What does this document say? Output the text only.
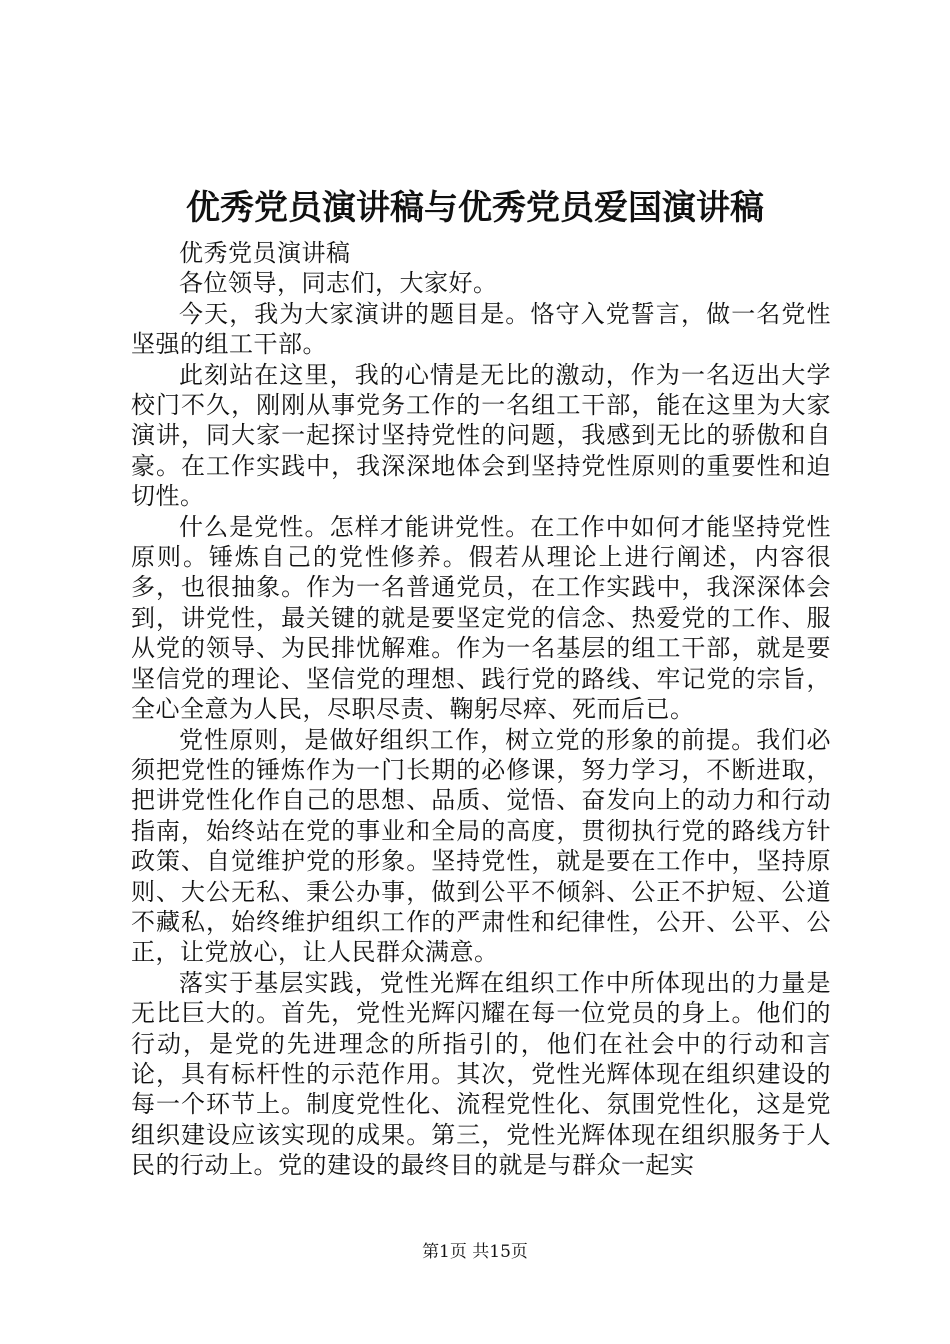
优秀党员演讲稿与优秀党员爱国演讲稿

优秀党员演讲稿

各位领导，同志们，大家好。

今天，我为大家演讲的题目是。恪守入党誓言，做一名党性坚强的组工干部。

此刻站在这里，我的心情是无比的激动，作为一名迈出大学校门不久，刚刚从事党务工作的一名组工干部，能在这里为大家演讲，同大家一起探讨坚持党性的问题，我感到无比的骄傲和自豪。在工作实践中，我深深地体会到坚持党性原则的重要性和迫切性。

什么是党性。怎样才能讲党性。在工作中如何才能坚持党性原则。锤炼自己的党性修养。假若从理论上进行阐述，内容很多，也很抽象。作为一名普通党员，在工作实践中，我深深体会到，讲党性，最关键的就是要坚定党的信念、热爱党的工作、服从党的领导、为民排忧解难。作为一名基层的组工干部，就是要坚信党的理论、坚信党的理想、践行党的路线、牢记党的宗旨，全心全意为人民，尽职尽责、鞠躬尽瘁、死而后已。

党性原则，是做好组织工作，树立党的形象的前提。我们必须把党性的锤炼作为一门长期的必修课，努力学习，不断进取，把讲党性化作自己的思想、品质、觉悟、奋发向上的动力和行动指南，始终站在党的事业和全局的高度，贯彻执行党的路线方针政策、自觉维护党的形象。坚持党性，就是要在工作中，坚持原则、大公无私、秉公办事，做到公平不倾斜、公正不护短、公道不藏私，始终维护组织工作的严肃性和纪律性，公开、公平、公正，让党放心，让人民群众满意。

落实于基层实践，党性光辉在组织工作中所体现出的力量是无比巨大的。首先，党性光辉闪耀在每一位党员的身上。他们的行动，是党的先进理念的所指引的，他们在社会中的行动和言论，具有标杆性的示范作用。其次，党性光辉体现在组织建设的每一个环节上。制度党性化、流程党性化、氛围党性化，这是党组织建设应该实现的成果。第三，党性光辉体现在组织服务于人民的行动上。党的建设的最终目的就是与群众一起实

第1页 共15页
